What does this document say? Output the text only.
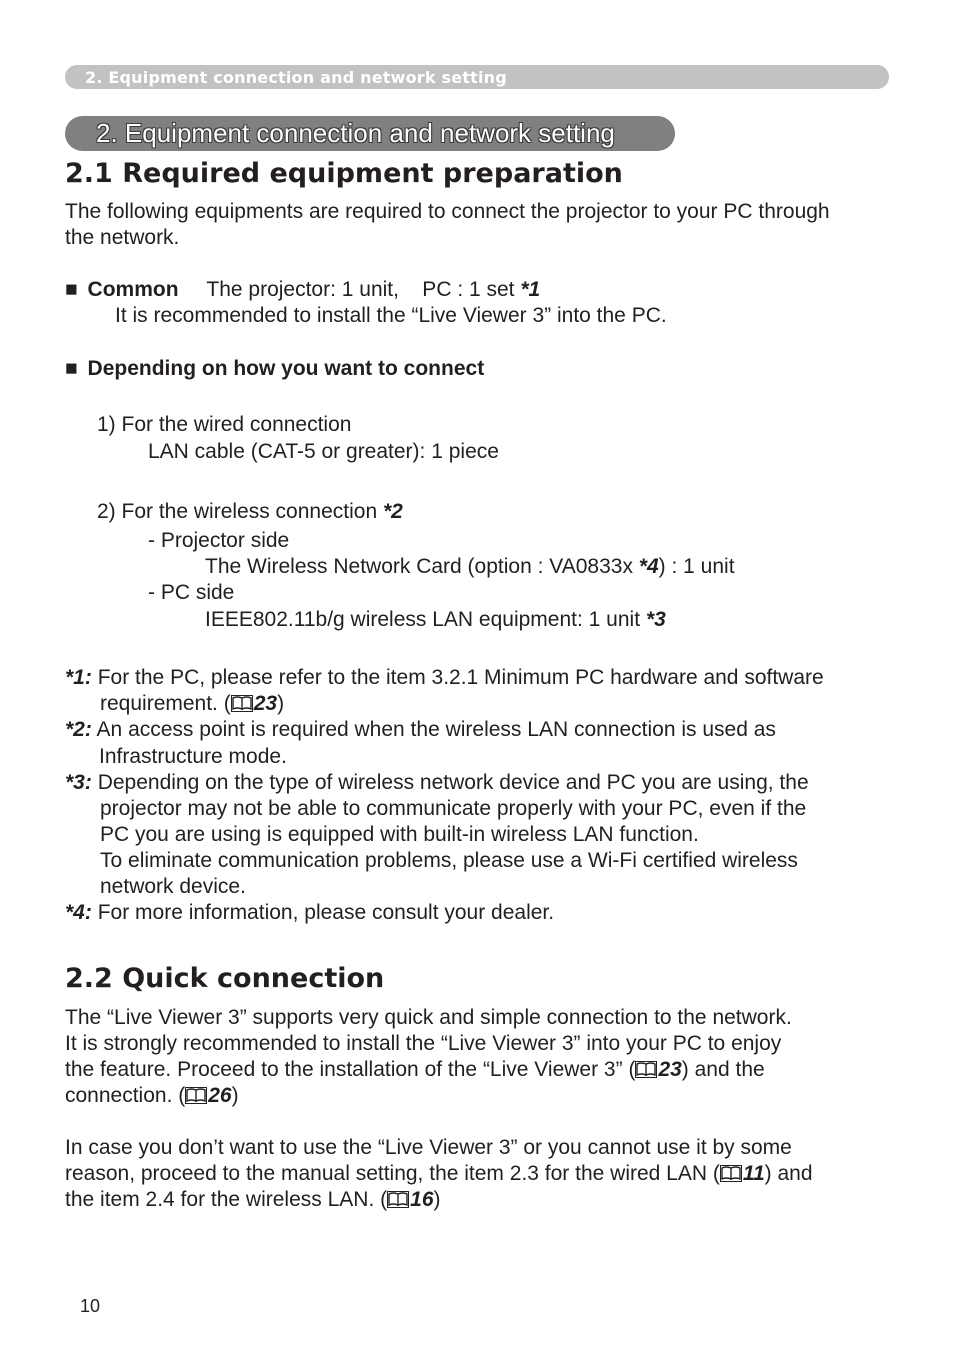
2. Equipment connection and network setting
2. Equipment connection and network setting
2.1 Required equipment preparation
The following equipments are required to connect the projector to your PC through
the network.
■ Common The projector: 1 unit,    PC : 1 set *1
It is recommended to install the “Live Viewer 3” into the PC.
■ Depending on how you want to connect
1) For the wired connection
LAN cable (CAT-5 or greater): 1 piece
2) For the wireless connection *2
- Projector side
The Wireless Network Card (option : VA0833x *4) : 1 unit
- PC side
IEEE802.11b/g wireless LAN equipment: 1 unit *3
*1: For the PC, please refer to the item 3.2.1 Minimum PC hardware and software
requirement. ( 23)
*2: An access point is required when the wireless LAN connection is used as
Infrastructure mode.
*3: Depending on the type of wireless network device and PC you are using, the
projector may not be able to communicate properly with your PC, even if the
PC you are using is equipped with built-in wireless LAN function.
To eliminate communication problems, please use a Wi-Fi certified wireless
network device.
*4: For more information, please consult your dealer.
2.2 Quick connection
The “Live Viewer 3” supports very quick and simple connection to the network.
It is strongly recommended to install the “Live Viewer 3” into your PC to enjoy
the feature. Proceed to the installation of the “Live Viewer 3” ( 23) and the
connection. ( 26)
In case you don’t want to use the “Live Viewer 3” or you cannot use it by some
reason, proceed to the manual setting, the item 2.3 for the wired LAN ( 11) and
the item 2.4 for the wireless LAN. ( 16)
10
